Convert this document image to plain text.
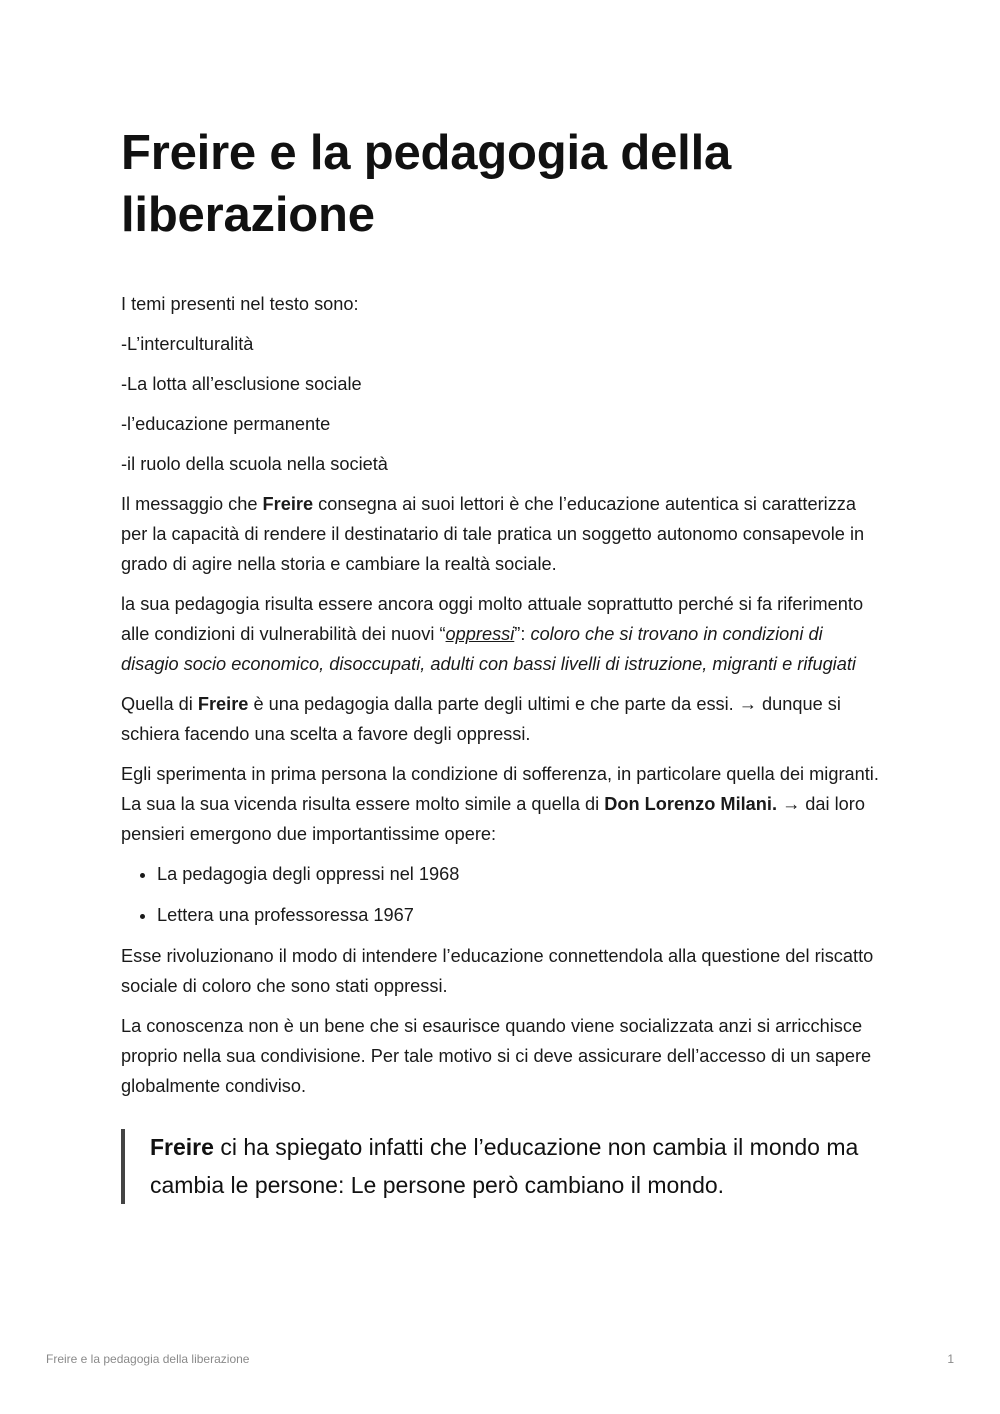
Freire e la pedagogia della liberazione

I temi presenti nel testo sono:

-L’interculturalità

-La lotta all’esclusione sociale

-l’educazione permanente

-il ruolo della scuola nella società

Il messaggio che Freire consegna ai suoi lettori è che l’educazione autentica si caratterizza per la capacità di rendere il destinatario di tale pratica un soggetto autonomo consapevole in grado di agire nella storia e cambiare la realtà sociale.

la sua pedagogia risulta essere ancora oggi molto attuale soprattutto perché si fa riferimento alle condizioni di vulnerabilità dei nuovi “oppressi”: coloro che si trovano in condizioni di disagio socio economico, disoccupati, adulti con bassi livelli di istruzione, migranti e rifugiati

Quella di Freire è una pedagogia dalla parte degli ultimi e che parte da essi. → dunque si schiera facendo una scelta a favore degli oppressi.

Egli sperimenta in prima persona la condizione di sofferenza, in particolare quella dei migranti. La sua la sua vicenda risulta essere molto simile a quella di Don Lorenzo Milani. → dai loro pensieri emergono due importantissime opere:

• La pedagogia degli oppressi nel 1968
• Lettera una professoressa 1967

Esse rivoluzionano il modo di intendere l’educazione connettendola alla questione del riscatto sociale di coloro che sono stati oppressi.

La conoscenza non è un bene che si esaurisce quando viene socializzata anzi si arricchisce proprio nella sua condivisione. Per tale motivo si ci deve assicurare dell’accesso di un sapere globalmente condiviso.

Freire ci ha spiegato infatti che l’educazione non cambia il mondo ma cambia le persone: Le persone però cambiano il mondo.
Freire e la pedagogia della liberazione	1
